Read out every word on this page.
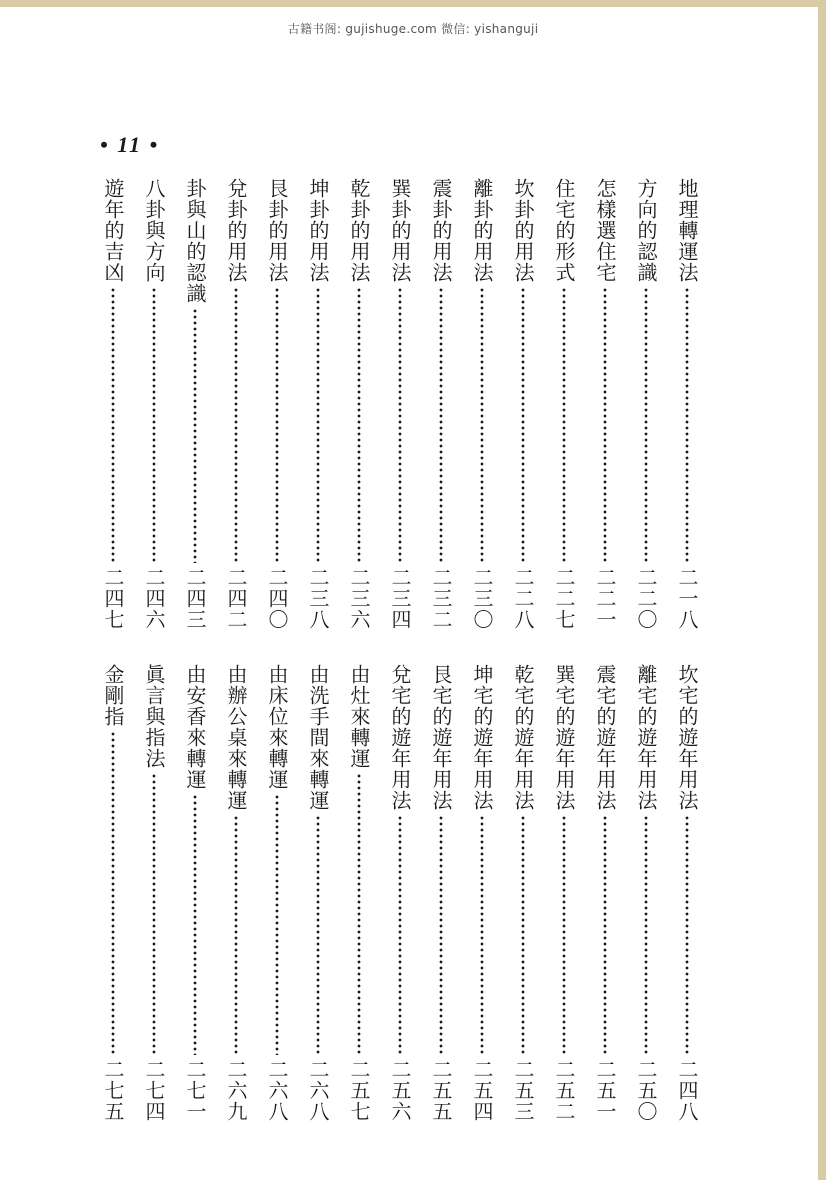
古籍书阁: gujishuge.com 微信: yishanguji
• 11 •
地理轉運法
二一八
方向的認識
二二〇
怎樣選住宅
二二一
住宅的形式
二二七
坎卦的用法
二二八
離卦的用法
二三〇
震卦的用法
二三二
巽卦的用法
二三四
乾卦的用法
二三六
坤卦的用法
二三八
艮卦的用法
二四〇
兌卦的用法
二四二
卦與山的認識
二四三
八卦與方向
二四六
遊年的吉凶
二四七
坎宅的遊年用法
二四八
離宅的遊年用法
二五〇
震宅的遊年用法
二五一
巽宅的遊年用法
二五二
乾宅的遊年用法
二五三
坤宅的遊年用法
二五四
艮宅的遊年用法
二五五
兌宅的遊年用法
二五六
由灶來轉運
二五七
由洗手間來轉運
二六八
由床位來轉運
二六八
由辦公桌來轉運
二六九
由安香來轉運
二七一
眞言與指法
二七四
金剛指
二七五
